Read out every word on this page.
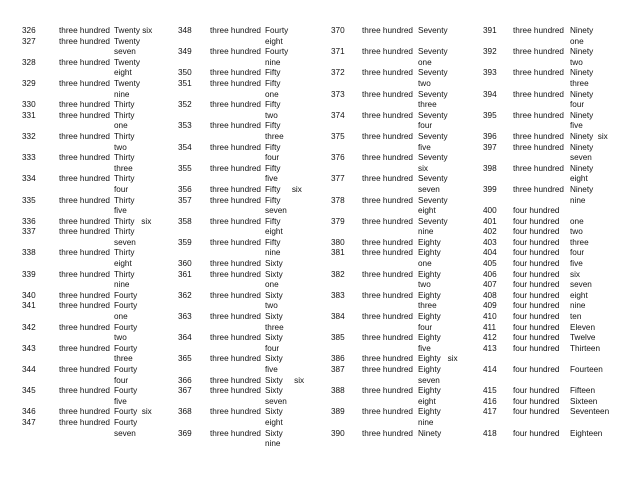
326	three hundred Twenty six
327	three hundred Twenty
seven
328	three hundred Twenty
eight
329	three hundred Twenty
nine
330	three hundred Thirty
331	three hundred Thirty
one
332	three hundred Thirty
two
333	three hundred Thirty
three
334	three hundred Thirty
four
335	three hundred Thirty
five
336	three hundred Thirty   six
337	three hundred Thirty
seven
338	three hundred Thirty
eight
339	three hundred Thirty
nine
340	three hundred Fourty
341	three hundred Fourty
one
342	three hundred Fourty
two
343	three hundred Fourty
three
344	three hundred Fourty
four
345	three hundred Fourty
five
346	three hundred Fourty  six
347	three hundred Fourty
seven
348 three hundred Fourty
eight
349 three hundred Fourty
nine
350 three hundred Fifty
351 three hundred Fifty
one
352 three hundred Fifty
two
353 three hundred Fifty
three
354 three hundred Fifty
four
355 three hundred Fifty
five
356 three hundred Fifty     six
357 three hundred Fifty
seven
358 three hundred Fifty
eight
359 three hundred Fifty
nine
360 three hundred Sixty
361 three hundred Sixty
one
362 three hundred Sixty
two
363 three hundred Sixty
three
364 three hundred Sixty
four
365 three hundred Sixty
five
366 three hundred Sixty     six
367 three hundred Sixty
seven
368 three hundred Sixty
eight
369 three hundred Sixty
nine
370 three hundred Seventy
371 three hundred Seventy
one
372 three hundred Seventy
two
373 three hundred Seventy
three
374 three hundred Seventy
four
375 three hundred Seventy
five
376 three hundred Seventy
six
377 three hundred Seventy
seven
378 three hundred Seventy
eight
379 three hundred Seventy
nine
380 three hundred Eighty
381 three hundred Eighty
one
382 three hundred Eighty
two
383 three hundred Eighty
three
384 three hundred Eighty
four
385 three hundred Eighty
five
386 three hundred Eighty   six
387 three hundred Eighty
seven
388 three hundred Eighty
eight
389 three hundred Eighty
nine
390 three hundred Ninety
391 three hundred Ninety
one
392 three hundred Ninety
two
393 three hundred Ninety
three
394 three hundred Ninety
four
395 three hundred Ninety
five
396 three hundred Ninety  six
397 three hundred Ninety
seven
398 three hundred Ninety
eight
399 three hundred Ninety
nine
400 four hundred
401 four hundred one
402 four hundred two
403 four hundred three
404 four hundred four
405 four hundred five
406 four hundred six
407 four hundred seven
408 four hundred eight
409 four hundred nine
410 four hundred ten
411 four hundred Eleven
412 four hundred Twelve
413 four hundred Thirteen
414 four hundred Fourteen
415 four hundred Fifteen
416 four hundred Sixteen
417 four hundred Seventeen
418 four hundred Eighteen
